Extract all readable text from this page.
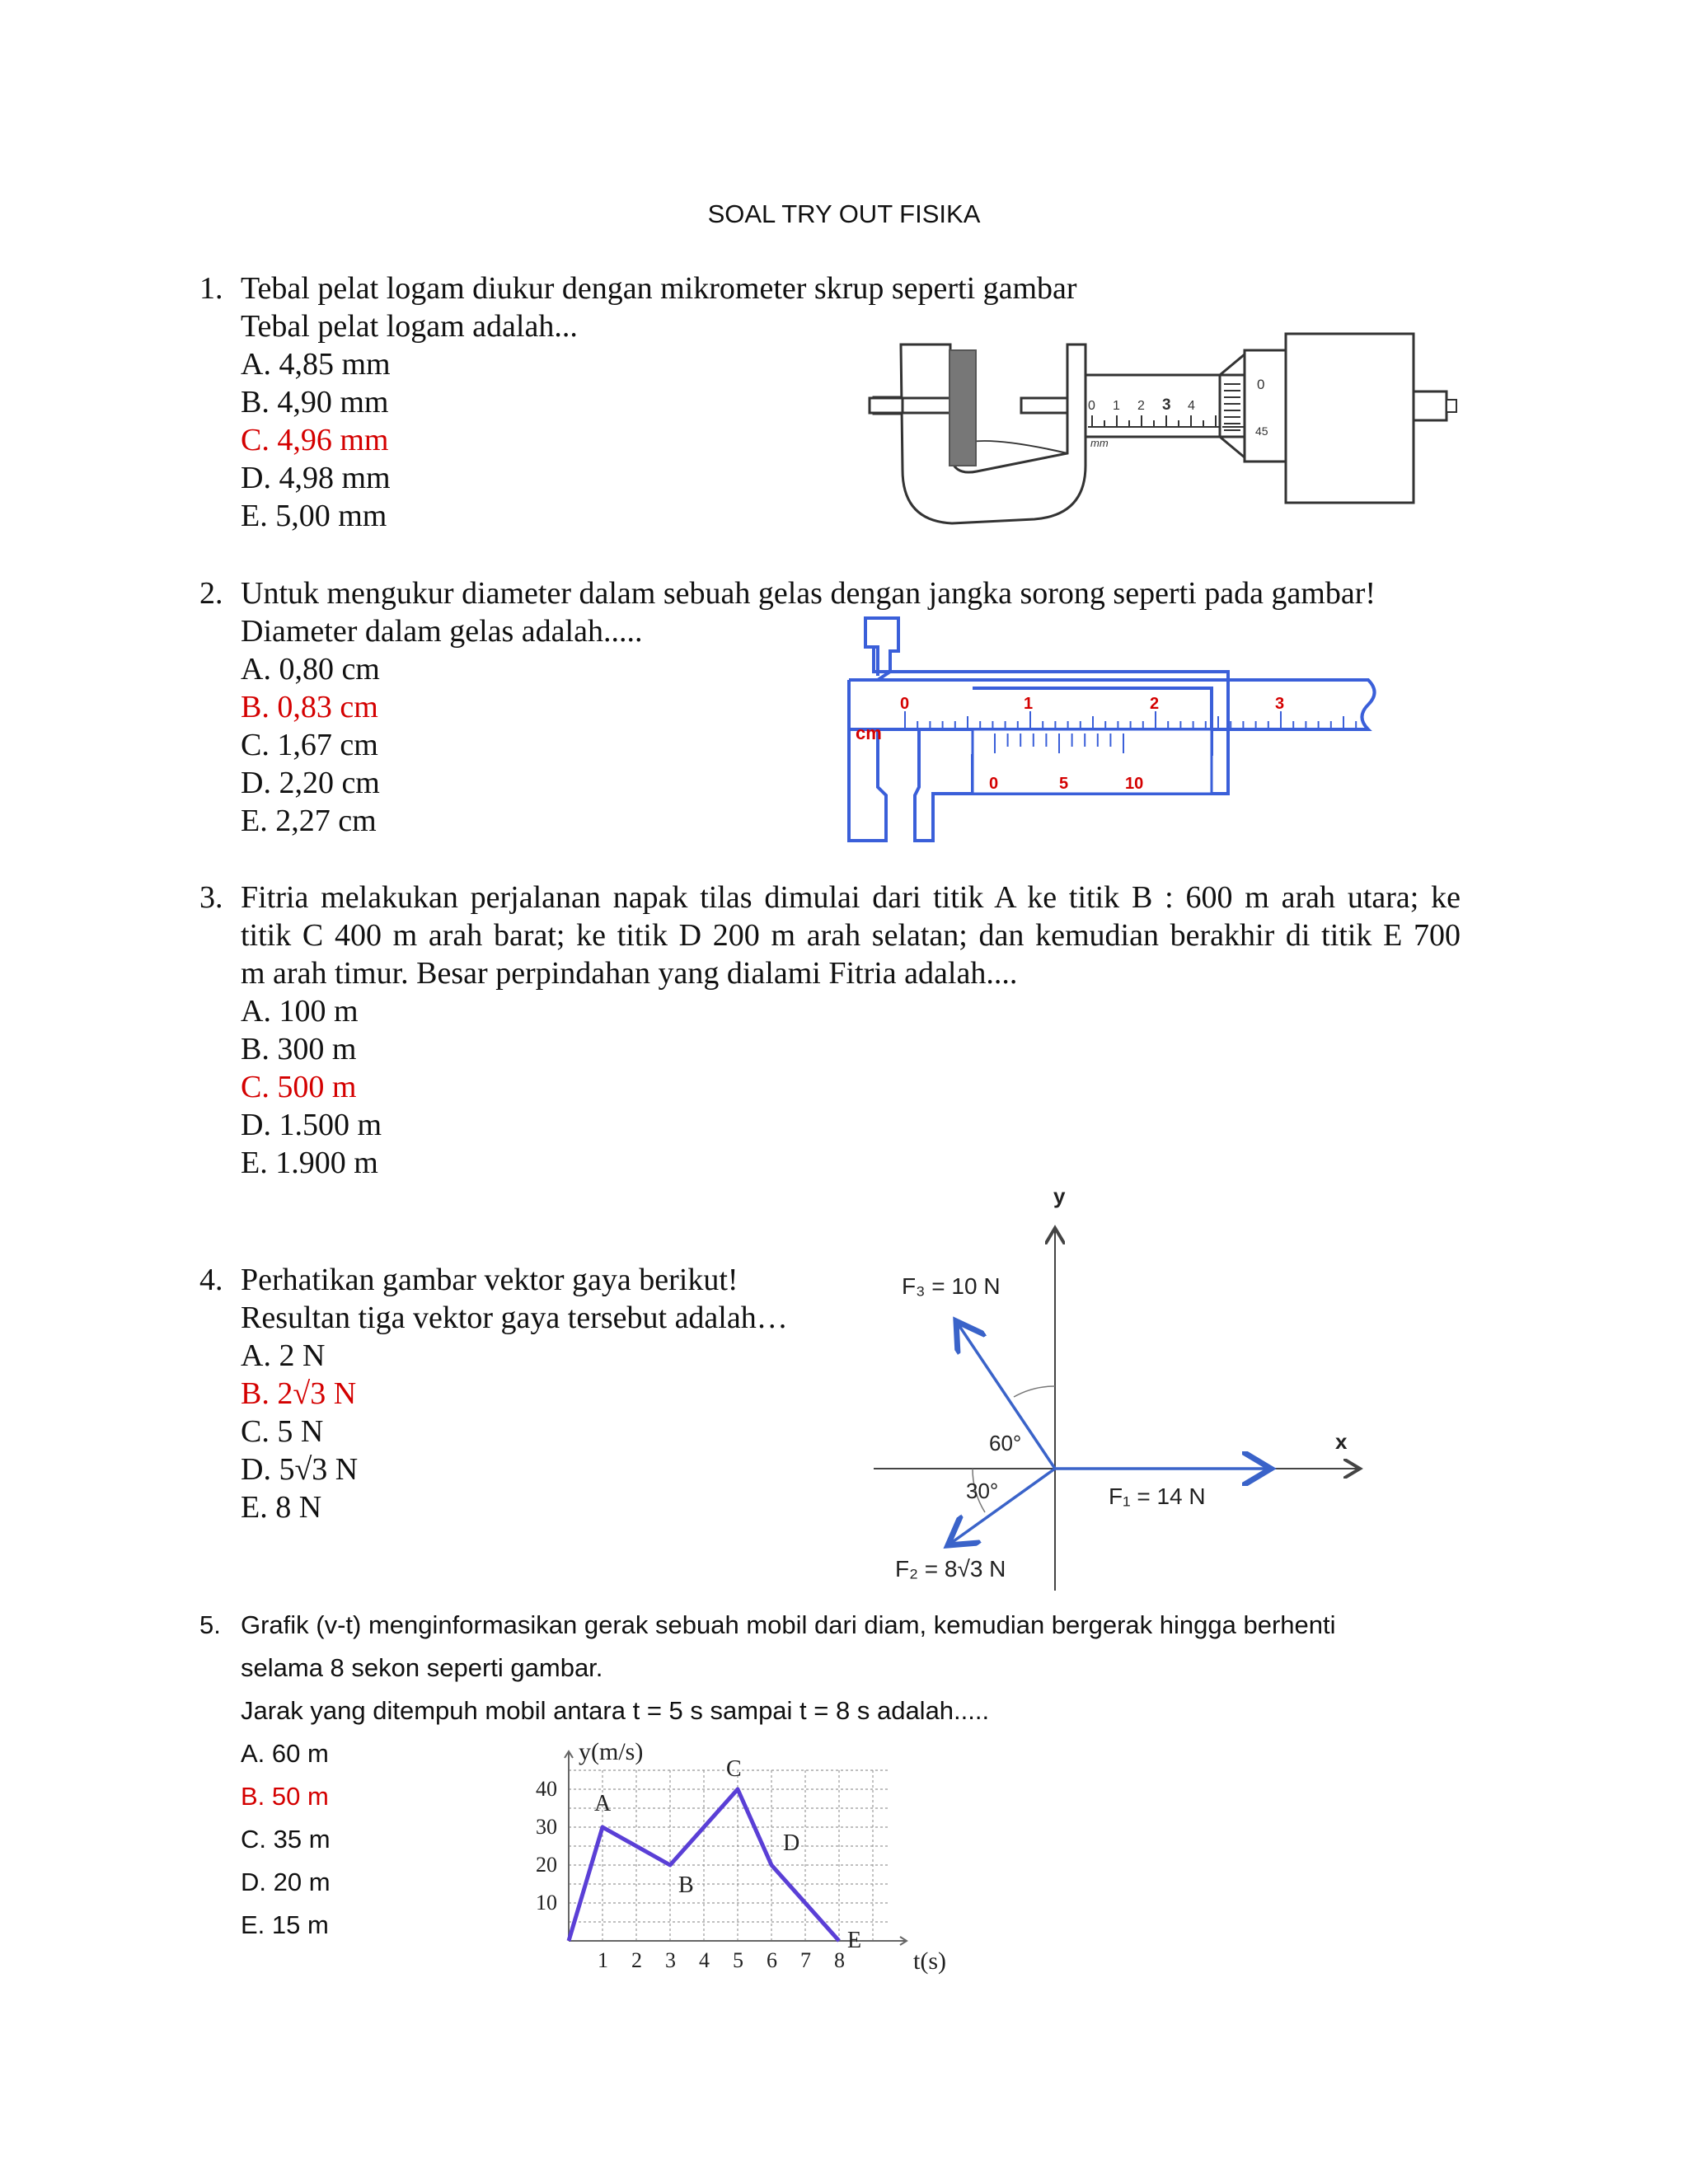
SOAL TRY OUT FISIKA
1. Tebal pelat logam diukur dengan mikrometer skrup seperti gambar
Tebal pelat logam adalah...
A. 4,85 mm
B. 4,90 mm
C. 4,96 mm
D. 4,98 mm
E. 5,00 mm
0 1 2 3 4
mm
0
45
2. Untuk mengukur diameter dalam sebuah gelas dengan jangka sorong seperti pada gambar!
Diameter dalam gelas adalah.....
A. 0,80 cm
B. 0,83 cm
C. 1,67 cm
D. 2,20 cm
E. 2,27 cm
cm
0	1	2	3
0	5	10
3. Fitria melakukan perjalanan napak tilas dimulai dari titik A ke titik B : 600 m arah utara; ke
titik C 400 m arah barat; ke titik D 200 m arah selatan; dan kemudian berakhir di titik E 700
m arah timur. Besar perpindahan yang dialami Fitria adalah....
A. 100 m
B. 300 m
C. 500 m
D. 1.500 m
E. 1.900 m
4. Perhatikan gambar vektor gaya berikut!
Resultan tiga vektor gaya tersebut adalah…
A. 2 N
B. 2√3 N
C. 5 N
D. 5√3 N
E. 8 N
y
x
F₃ = 10 N
F₁ = 14 N
F₂ = 8√3 N
60°
30°
5. Grafik (v-t) menginformasikan gerak sebuah mobil dari diam, kemudian bergerak hingga berhenti
selama 8 sekon seperti gambar.
Jarak yang ditempuh mobil antara t = 5 s sampai t = 8 s adalah.....
A. 60 m
B. 50 m
C. 35 m
D. 20 m
E. 15 m
1 2 3 4 5 6 7 8
10
20
30
40
A
B
C
D
E
y(m/s)
t(s)
